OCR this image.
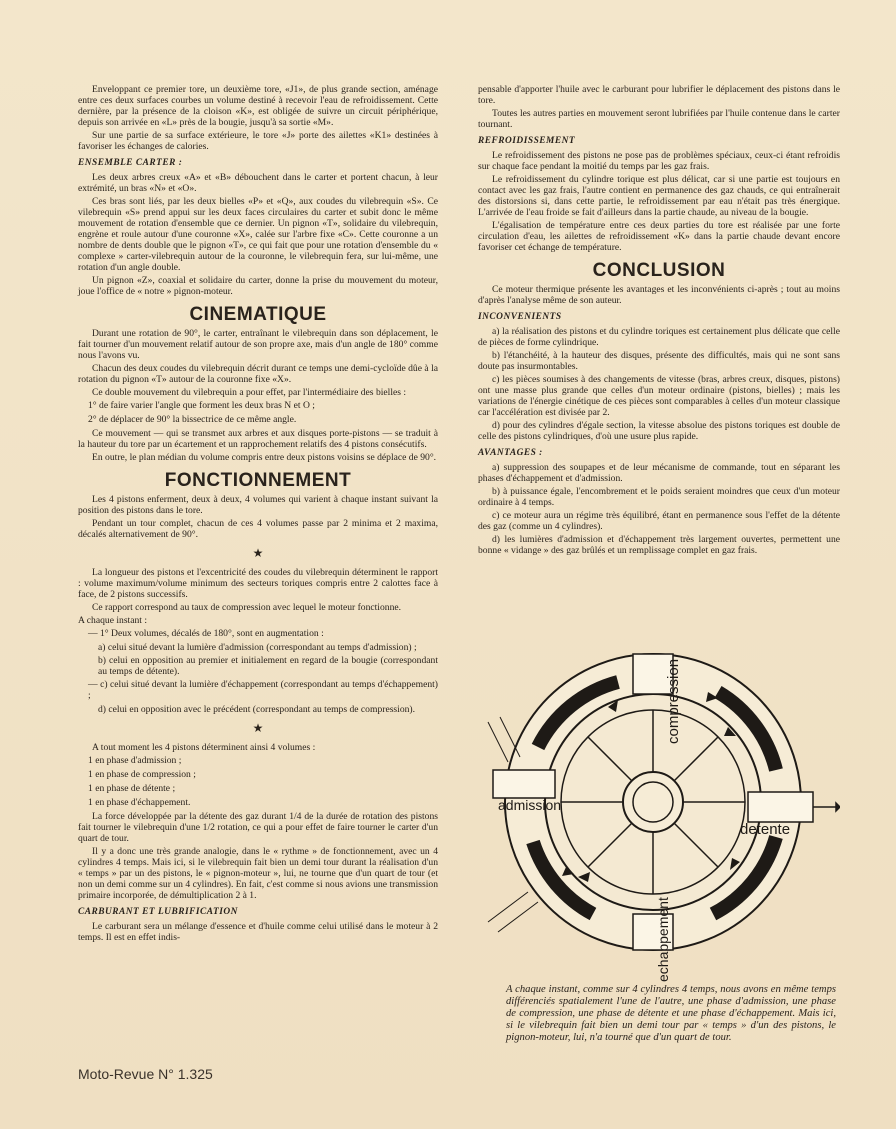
Enveloppant ce premier tore, un deuxième tore, «J1», de plus grande section, aménage entre ces deux surfaces courbes un volume destiné à recevoir l'eau de refroidissement. Cette dernière, par la présence de la cloison «K», est obligée de suivre un circuit périphérique, depuis son arrivée en «L» près de la bougie, jusqu'à sa sortie «M».

Sur une partie de sa surface extérieure, le tore «J» porte des ailettes «K1» destinées à favoriser les échanges de calories.

ENSEMBLE CARTER :

Les deux arbres creux «A» et «B» débouchent dans le carter et portent chacun, à leur extrémité, un bras «N» et «O».

Ces bras sont liés, par les deux bielles «P» et «Q», aux coudes du vilebrequin «S». Ce vilebrequin «S» prend appui sur les deux faces circulaires du carter et subit donc le même mouvement de rotation d'ensemble que ce dernier. Un pignon «T», solidaire du vilebrequin, engrène et roule autour d'une couronne «X», calée sur l'arbre fixe «C». Cette couronne a un nombre de dents double que le pignon «T», ce qui fait que pour une rotation d'ensemble du « complexe » carter-vilebrequin autour de la couronne, le vilebrequin fera, sur lui-même, une rotation d'un angle double.

Un pignon «Z», coaxial et solidaire du carter, donne la prise du mouvement du moteur, joue l'office de « notre » pignon-moteur.

CINEMATIQUE

Durant une rotation de 90°, le carter, entraînant le vilebrequin dans son déplacement, le fait tourner d'un mouvement relatif autour de son propre axe, mais d'un angle de 180° comme nous l'avons vu.

Chacun des deux coudes du vilebrequin décrit durant ce temps une demi-cycloïde dûe à la rotation du pignon «T» autour de la couronne fixe «X».

Ce double mouvement du vilebrequin a pour effet, par l'intermédiaire des bielles :

1° de faire varier l'angle que forment les deux bras N et O ;

2° de déplacer de 90° la bissectrice de ce même angle.

Ce mouvement — qui se transmet aux arbres et aux disques porte-pistons — se traduit à la hauteur du tore par un écartement et un rapprochement relatifs des 4 pistons consécutifs.

En outre, le plan médian du volume compris entre deux pistons voisins se déplace de 90°.

FONCTIONNEMENT

Les 4 pistons enferment, deux à deux, 4 volumes qui varient à chaque instant suivant la position des pistons dans le tore.

Pendant un tour complet, chacun de ces 4 volumes passe par 2 minima et 2 maxima, décalés alternativement de 90°.

★

La longueur des pistons et l'excentricité des coudes du vilebrequin déterminent le rapport : volume maximum/volume minimum des secteurs toriques compris entre 2 calottes face à face, de 2 pistons successifs.

Ce rapport correspond au taux de compression avec lequel le moteur fonctionne.

A chaque instant :

— 1° Deux volumes, décalés de 180°, sont en augmentation :

a) celui situé devant la lumière d'admission (correspondant au temps d'admission) ;

b) celui en opposition au premier et initialement en regard de la bougie (correspondant au temps de détente).

— c) celui situé devant la lumière d'échappement (correspondant au temps d'échappement) ;

d) celui en opposition avec le précédent (correspondant au temps de compression).

★

A tout moment les 4 pistons déterminent ainsi 4 volumes :

1 en phase d'admission ;

1 en phase de compression ;

1 en phase de détente ;

1 en phase d'échappement.

La force développée par la détente des gaz durant 1/4 de la durée de rotation des pistons fait tourner le vilebrequin d'une 1/2 rotation, ce qui a pour effet de faire tourner le carter d'un quart de tour.

Il y a donc une très grande analogie, dans le « rythme » de fonctionnement, avec un 4 cylindres 4 temps. Mais ici, si le vilebrequin fait bien un demi tour durant la réalisation d'un « temps » par un des pistons, le « pignon-moteur », lui, ne tourne que d'un quart de tour (et non un demi comme sur un 4 cylindres). En fait, c'est comme si nous avions une transmission primaire incorporée, de démultiplication 2 à 1.

CARBURANT ET LUBRIFICATION

Le carburant sera un mélange d'essence et d'huile comme celui utilisé dans le moteur à 2 temps. Il est en effet indis-

pensable d'apporter l'huile avec le carburant pour lubrifier le déplacement des pistons dans le tore.

Toutes les autres parties en mouvement seront lubrifiées par l'huile contenue dans le carter tournant.

REFROIDISSEMENT

Le refroidissement des pistons ne pose pas de problèmes spéciaux, ceux-ci étant refroidis sur chaque face pendant la moitié du temps par les gaz frais.

Le refroidissement du cylindre torique est plus délicat, car si une partie est toujours en contact avec les gaz frais, l'autre contient en permanence des gaz chauds, ce qui entraînerait des distorsions si, dans cette partie, le refroidissement par eau n'était pas très énergique. L'arrivée de l'eau froide se fait d'ailleurs dans la partie chaude, au niveau de la bougie.

L'égalisation de température entre ces deux parties du tore est réalisée par une forte circulation d'eau, les ailettes de refroidissement «K» dans la partie chaude devant encore favoriser cet échange de température.

CONCLUSION

Ce moteur thermique présente les avantages et les inconvénients ci-après ; tout au moins d'après l'analyse même de son auteur.

INCONVENIENTS

a) la réalisation des pistons et du cylindre toriques est certainement plus délicate que celle de pièces de forme cylindrique.

b) l'étanchéité, à la hauteur des disques, présente des difficultés, mais qui ne sont sans doute pas insurmontables.

c) les pièces soumises à des changements de vitesse (bras, arbres creux, disques, pistons) ont une masse plus grande que celles d'un moteur ordinaire (pistons, bielles) ; mais les variations de l'énergie cinétique de ces pièces sont comparables à celles d'un moteur classique car l'accélération est divisée par 2.

d) pour des cylindres d'égale section, la vitesse absolue des pistons toriques est double de celle des pistons cylindriques, d'où une usure plus rapide.

AVANTAGES :

a) suppression des soupapes et de leur mécanisme de commande, tout en séparant les phases d'échappement et d'admission.

b) à puissance égale, l'encombrement et le poids seraient moindres que ceux d'un moteur ordinaire à 4 temps.

c) ce moteur aura un régime très équilibré, étant en permanence sous l'effet de la détente des gaz (comme un 4 cylindres).

d) les lumières d'admission et d'échappement très largement ouvertes, permettent une bonne « vidange » des gaz brûlés et un remplissage complet en gaz frais.

compression
admission
detente
echappement
A chaque instant, comme sur 4 cylindres 4 temps, nous avons en même temps différenciés spatialement l'une de l'autre, une phase d'admission, une phase de compression, une phase de détente et une phase d'échappement. Mais ici, si le vilebrequin fait bien un demi tour par « temps » d'un des pistons, le pignon-moteur, lui, n'a tourné que d'un quart de tour.
Moto-Revue N° 1.325
